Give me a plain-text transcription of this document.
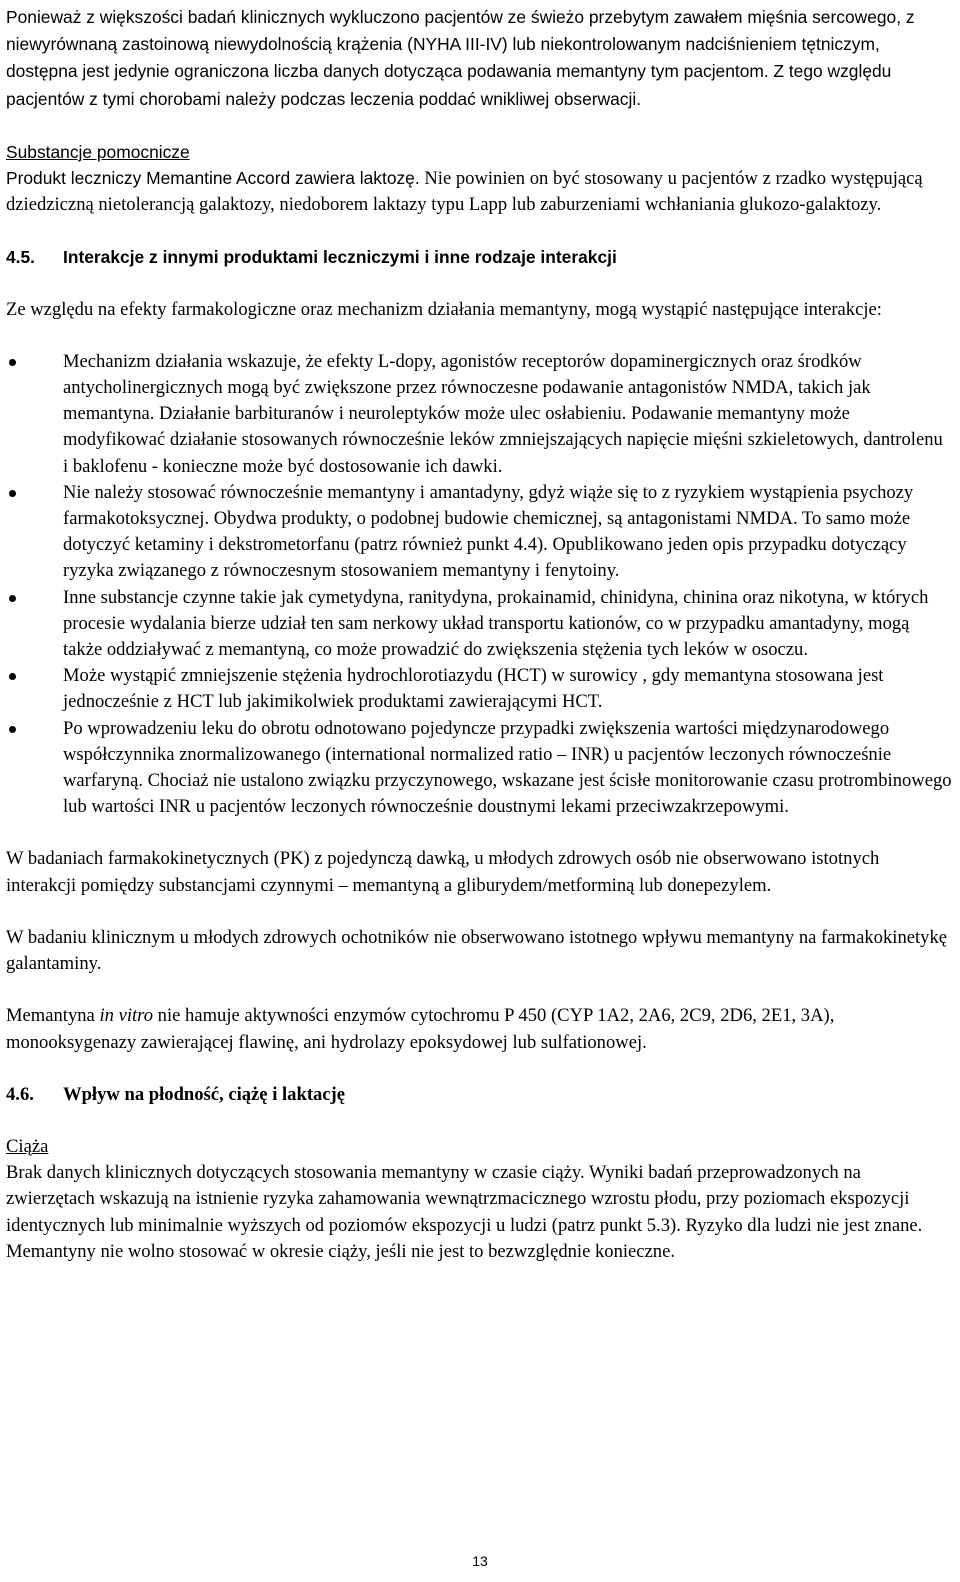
Ponieważ z większości badań klinicznych wykluczono pacjentów ze świeżo przebytym zawałem mięśnia sercowego, z niewyrównaną zastoinową niewydolnością krążenia (NYHA III-IV) lub niekontrolowanym nadciśnieniem tętniczym, dostępna jest jedynie ograniczona liczba danych dotycząca podawania memantyny tym pacjentom. Z tego względu pacjentów z tymi chorobami należy podczas leczenia poddać wnikliwej obserwacji.

Substancje pomocnicze

Produkt leczniczy Memantine Accord zawiera laktozę. Nie powinien on być stosowany u pacjentów z rzadko występującą dziedziczną nietolerancją galaktozy, niedoborem laktazy typu Lapp lub zaburzeniami wchłaniania glukozo-galaktozy.

4.5. Interakcje z innymi produktami leczniczymi i inne rodzaje interakcji

Ze względu na efekty farmakologiczne oraz mechanizm działania memantyny, mogą wystąpić następujące interakcje:

Mechanizm działania wskazuje, że efekty L-dopy, agonistów receptorów dopaminergicznych oraz środków antycholinergicznych mogą być zwiększone przez równoczesne podawanie antagonistów NMDA, takich jak memantyna. Działanie barbituranów i neuroleptyków może ulec osłabieniu. Podawanie memantyny może modyfikować działanie stosowanych równocześnie leków zmniejszających napięcie mięśni szkieletowych, dantrolenu i baklofenu - konieczne może być dostosowanie ich dawki.
Nie należy stosować równocześnie memantyny i amantadyny, gdyż wiąże się to z ryzykiem wystąpienia psychozy farmakotoksycznej. Obydwa produkty, o podobnej budowie chemicznej, są antagonistami NMDA. To samo może dotyczyć ketaminy i dekstrometorfanu (patrz również punkt 4.4). Opublikowano jeden opis przypadku dotyczący ryzyka związanego z równoczesnym stosowaniem memantyny i fenytoiny.
Inne substancje czynne takie jak cymetydyna, ranitydyna, prokainamid, chinidyna, chinina oraz nikotyna, w których procesie wydalania bierze udział ten sam nerkowy układ transportu kationów, co w przypadku amantadyny, mogą także oddziaływać z memantyną, co może prowadzić do zwiększenia stężenia tych leków w osoczu.
Może wystąpić zmniejszenie stężenia hydrochlorotiazydu (HCT) w surowicy , gdy memantyna stosowana jest jednocześnie z HCT lub jakimikolwiek produktami zawierającymi HCT.
Po wprowadzeniu leku do obrotu odnotowano pojedyncze przypadki zwiększenia wartości międzynarodowego współczynnika znormalizowanego (international normalized ratio – INR) u pacjentów leczonych równocześnie warfaryną. Chociaż nie ustalono związku przyczynowego, wskazane jest ścisłe monitorowanie czasu protrombinowego lub wartości INR u pacjentów leczonych równocześnie doustnymi lekami przeciwzakrzepowymi.

W badaniach farmakokinetycznych (PK) z pojedynczą dawką, u młodych zdrowych osób nie obserwowano istotnych interakcji pomiędzy substancjami czynnymi – memantyną a gliburydem/metforminą lub donepezylem.

W badaniu klinicznym u młodych zdrowych ochotników nie obserwowano istotnego wpływu memantyny na farmakokinetykę galantaminy.

Memantyna in vitro nie hamuje aktywności enzymów cytochromu P 450 (CYP 1A2, 2A6, 2C9, 2D6, 2E1, 3A), monooksygenazy zawierającej flawinę, ani hydrolazy epoksydowej lub sulfationowej.

4.6. Wpływ na płodność, ciążę i laktację

Ciąża

Brak danych klinicznych dotyczących stosowania memantyny w czasie ciąży. Wyniki badań przeprowadzonych na zwierzętach wskazują na istnienie ryzyka zahamowania wewnątrzmacicznego wzrostu płodu, przy poziomach ekspozycji identycznych lub minimalnie wyższych od poziomów ekspozycji u ludzi (patrz punkt 5.3). Ryzyko dla ludzi nie jest znane. Memantyny nie wolno stosować w okresie ciąży, jeśli nie jest to bezwzględnie konieczne.

13
